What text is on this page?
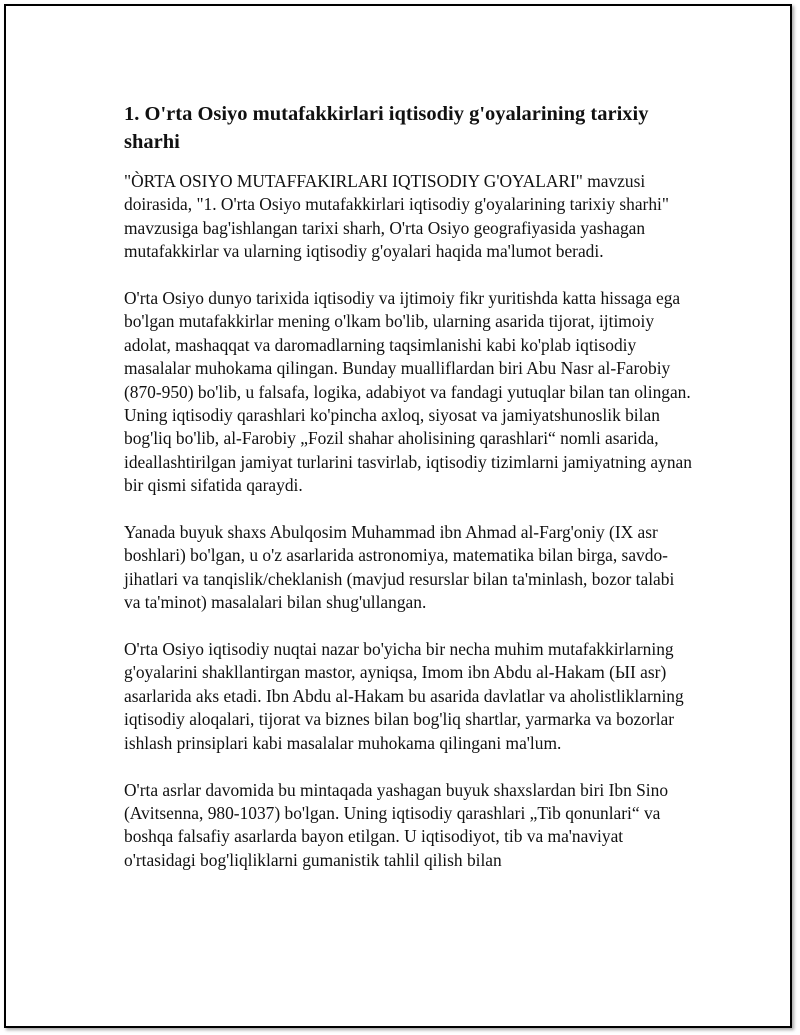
1. O'rta Osiyo mutafakkirlari iqtisodiy g'oyalarining tarixiy sharhi

"ÒRTA OSIYO MUTAFFAKIRLARI IQTISODIY G'OYALARI" mavzusi doirasida, "1. O'rta Osiyo mutafakkirlari iqtisodiy g'oyalarining tarixiy sharhi" mavzusiga bag'ishlangan tarixi sharh, O'rta Osiyo geografiyasida yashagan mutafakkirlar va ularning iqtisodiy g'oyalari haqida ma'lumot beradi.

O'rta Osiyo dunyo tarixida iqtisodiy va ijtimoiy fikr yuritishda katta hissaga ega bo'lgan mutafakkirlar mening o'lkam bo'lib, ularning asarida tijorat, ijtimoiy adolat, mashaqqat va daromadlarning taqsimlanishi kabi ko'plab iqtisodiy masalalar muhokama qilingan. Bunday mualliflardan biri Abu Nasr al-Farobiy (870-950) bo'lib, u falsafa, logika, adabiyot va fandagi yutuqlar bilan tan olingan. Uning iqtisodiy qarashlari ko'pincha axloq, siyosat va jamiyatshunoslik bilan bog'liq bo'lib, al-Farobiy „Fozil shahar aholisining qarashlari“ nomli asarida, ideallashtirilgan jamiyat turlarini tasvirlab, iqtisodiy tizimlarni jamiyatning aynan bir qismi sifatida qaraydi.

Yanada buyuk shaxs Abulqosim Muhammad ibn Ahmad al-Farg'oniy (IX asr boshlari) bo'lgan, u o'z asarlarida astronomiya, matematika bilan birga, savdo-jihatlari va tanqislik/cheklanish (mavjud resurslar bilan ta'minlash, bozor talabi va ta'minot) masalalari bilan shug'ullangan.

O'rta Osiyo iqtisodiy nuqtai nazar bo'yicha bir necha muhim mutafakkirlarning g'oyalarini shakllantirgan mastor, ayniqsa, Imom ibn Abdu al-Hakam (ЫI asr) asarlarida aks etadi. Ibn Abdu al-Hakam bu asarida davlatlar va aholistliklarning iqtisodiy aloqalari, tijorat va biznes bilan bog'liq shartlar, yarmarka va bozorlar ishlash prinsiplari kabi masalalar muhokama qilingani ma'lum.

O'rta asrlar davomida bu mintaqada yashagan buyuk shaxslardan biri Ibn Sino (Avitsenna, 980-1037) bo'lgan. Uning iqtisodiy qarashlari „Tib qonunlari“ va boshqa falsafiy asarlarda bayon etilgan. U iqtisodiyot, tib va ma'naviyat o'rtasidagi bog'liqliklarni gumanistik tahlil qilish bilan
